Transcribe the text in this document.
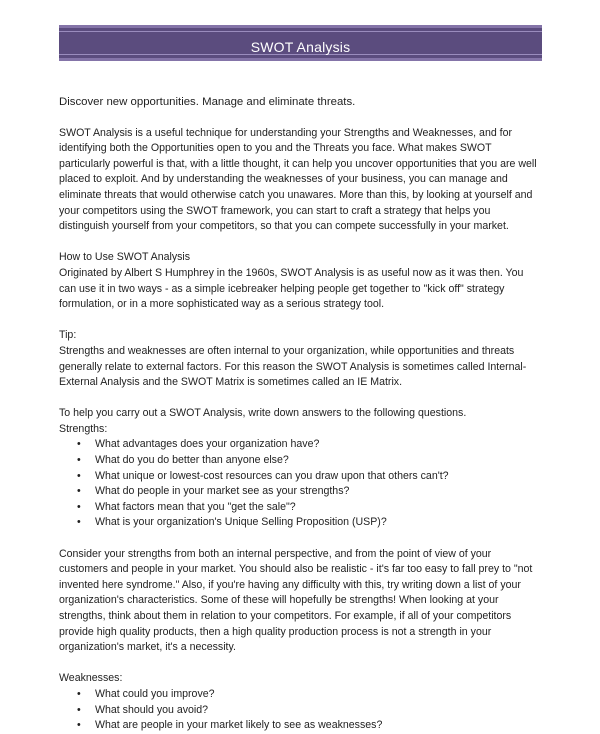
SWOT Analysis

Discover new opportunities. Manage and eliminate threats.

SWOT Analysis is a useful technique for understanding your Strengths and Weaknesses, and for identifying both the Opportunities open to you and the Threats you face. What makes SWOT particularly powerful is that, with a little thought, it can help you uncover opportunities that you are well placed to exploit. And by understanding the weaknesses of your business, you can manage and eliminate threats that would otherwise catch you unawares. More than this, by looking at yourself and your competitors using the SWOT framework, you can start to craft a strategy that helps you distinguish yourself from your competitors, so that you can compete successfully in your market.

How to Use SWOT Analysis

Originated by Albert S Humphrey in the 1960s, SWOT Analysis is as useful now as it was then. You can use it in two ways - as a simple icebreaker helping people get together to "kick off" strategy formulation, or in a more sophisticated way as a serious strategy tool.

Tip:

Strengths and weaknesses are often internal to your organization, while opportunities and threats generally relate to external factors. For this reason the SWOT Analysis is sometimes called Internal-External Analysis and the SWOT Matrix is sometimes called an IE Matrix.

To help you carry out a SWOT Analysis, write down answers to the following questions.

Strengths:

• What advantages does your organization have?
• What do you do better than anyone else?
• What unique or lowest-cost resources can you draw upon that others can't?
• What do people in your market see as your strengths?
• What factors mean that you "get the sale"?
• What is your organization's Unique Selling Proposition (USP)?

Consider your strengths from both an internal perspective, and from the point of view of your customers and people in your market. You should also be realistic - it's far too easy to fall prey to "not invented here syndrome." Also, if you're having any difficulty with this, try writing down a list of your organization's characteristics. Some of these will hopefully be strengths! When looking at your strengths, think about them in relation to your competitors. For example, if all of your competitors provide high quality products, then a high quality production process is not a strength in your organization's market, it's a necessity.

Weaknesses:

• What could you improve?
• What should you avoid?
• What are people in your market likely to see as weaknesses?
